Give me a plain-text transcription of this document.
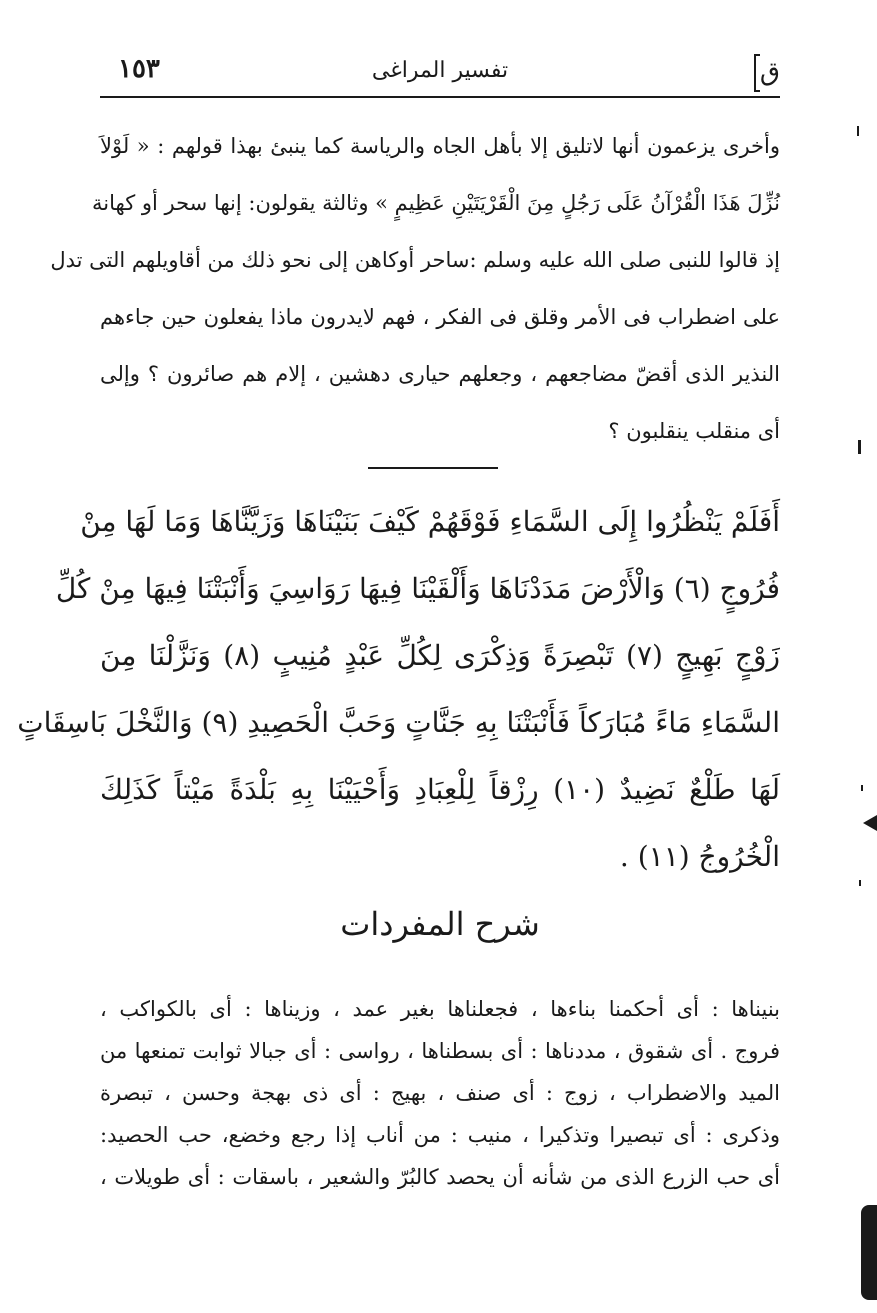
١٥٣	تفسير المراغى	ق
وأخرى يزعمون أنها لاتليق إلا بأهل الجاه والرياسة كما ينبئ بهذا قولهم : « لَوْلاَ
نُزِّلَ هَذَا الْقُرْآنُ عَلَى رَجُلٍ مِنَ الْقَرْيَتَيْنِ عَظِيمٍ » وثالثة يقولون: إنها سحر أو كهانة
إذ قالوا للنبى صلى الله عليه وسلم :ساحر أوكاهن إلى نحو ذلك من أقاويلهم التى تدل
على اضطراب فى الأمر وقلق فى الفكر ، فهم لايدرون ماذا يفعلون حين جاءهم
النذير الذى أقضّ مضاجعهم ، وجعلهم حيارى دهشين ، إلام هم صائرون ؟ وإلى
أى منقلب ينقلبون ؟
أَفَلَمْ يَنْظُرُوا إِلَى السَّمَاءِ فَوْقَهُمْ كَيْفَ بَنَيْنَاهَا وَزَيَّنَّاهَا وَمَا لَهَا مِنْ
فُرُوجٍ (٦) وَالْأَرْضَ مَدَدْنَاهَا وَأَلْقَيْنَا فِيهَا رَوَاسِيَ وَأَنْبَتْنَا فِيهَا مِنْ كُلِّ
زَوْجٍ بَهِيجٍ (٧) تَبْصِرَةً وَذِكْرَى لِكُلِّ عَبْدٍ مُنِيبٍ (٨) وَنَزَّلْنَا مِنَ
السَّمَاءِ مَاءً مُبَارَكاً فَأَنْبَتْنَا بِهِ جَنَّاتٍ وَحَبَّ الْحَصِيدِ (٩) وَالنَّخْلَ بَاسِقَاتٍ
لَهَا طَلْعٌ نَضِيدٌ (١٠) رِزْقاً لِلْعِبَادِ وَأَحْيَيْنَا بِهِ بَلْدَةً مَيْتاً كَذَلِكَ
الْخُرُوجُ (١١) .
شرح المفردات
بنيناها : أى أحكمنا بناءها ، فجعلناها بغير عمد ، وزيناها : أى بالكواكب ،
فروج . أى شقوق ، مددناها : أى بسطناها ، رواسى : أى جبالا ثوابت تمنعها من
الميد والاضطراب ، زوج : أى صنف ، بهيج : أى ذى بهجة وحسن ، تبصرة
وذكرى : أى تبصيرا وتذكيرا ، منيب : من أناب إذا رجع وخضع، حب الحصيد:
أى حب الزرع الذى من شأنه أن يحصد كالبُرّ والشعير ، باسقات : أى طويلات ،
